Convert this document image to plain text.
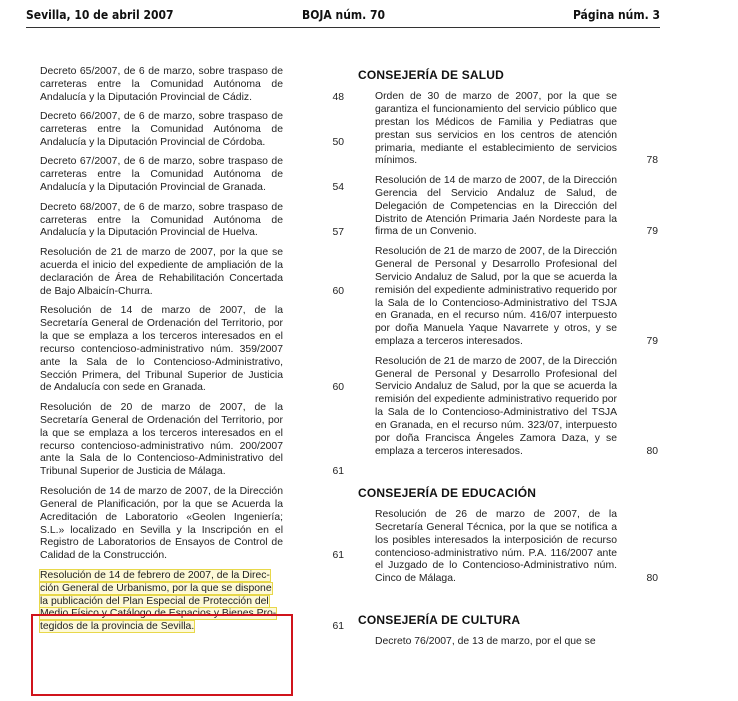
Sevilla, 10 de abril 2007	BOJA núm. 70	Página núm. 3
Decreto 65/2007, de 6 de marzo, sobre traspaso de carreteras entre la Comunidad Autónoma de Andalucía y la Diputación Provincial de Cádiz.	48
Decreto 66/2007, de 6 de marzo, sobre traspaso de carreteras entre la Comunidad Autónoma de Andalucía y la Diputación Provincial de Córdoba.	50
Decreto 67/2007, de 6 de marzo, sobre traspaso de carreteras entre la Comunidad Autónoma de Andalucía y la Diputación Provincial de Granada.	54
Decreto 68/2007, de 6 de marzo, sobre traspaso de carreteras entre la Comunidad Autónoma de Andalucía y la Diputación Provincial de Huelva.	57
Resolución de 21 de marzo de 2007, por la que se acuerda el inicio del expediente de ampliación de la declaración de Área de Rehabilitación Concertada de Bajo Albaicín-Churra.	60
Resolución de 14 de marzo de 2007, de la Secretaría General de Ordenación del Territorio, por la que se emplaza a los terceros interesados en el recurso contencioso-administrativo núm. 359/2007 ante la Sala de lo Contencioso-Administrativo, Sección Primera, del Tribunal Superior de Justicia de Andalucía con sede en Granada.	60
Resolución de 20 de marzo de 2007, de la Secretaría General de Ordenación del Territorio, por la que se emplaza a los terceros interesados en el recurso contencioso-administrativo núm. 200/2007 ante la Sala de lo Contencioso-Administrativo del Tribunal Superior de Justicia de Málaga.	61
Resolución de 14 de marzo de 2007, de la Dirección General de Planificación, por la que se Acuerda la Acreditación de Laboratorio «Geolen Ingeniería; S.L.» localizado en Sevilla y la Inscripción en el Registro de Laboratorios de Ensayos de Control de Calidad de la Construcción.	61
Resolución de 14 de febrero de 2007, de la Direc-
ción General de Urbanismo, por la que se dispone
la publicación del Plan Especial de Protección del
Medio Físico y Catálogo de Espacios y Bienes Pro-
tegidos de la provincia de Sevilla.	61
CONSEJERÍA DE SALUD
Orden de 30 de marzo de 2007, por la que se garantiza el funcionamiento del servicio público que prestan los Médicos de Familia y Pediatras que prestan sus servicios en los centros de atención primaria, mediante el establecimiento de servicios mínimos.	78
Resolución de 14 de marzo de 2007, de la Dirección Gerencia del Servicio Andaluz de Salud, de Delegación de Competencias en la Dirección del Distrito de Atención Primaria Jaén Nordeste para la firma de un Convenio.	79
Resolución de 21 de marzo de 2007, de la Dirección General de Personal y Desarrollo Profesional del Servicio Andaluz de Salud, por la que se acuerda la remisión del expediente administrativo requerido por la Sala de lo Contencioso-Administrativo del TSJA en Granada, en el recurso núm. 416/07 interpuesto por doña Manuela Yaque Navarrete y otros, y se emplaza a terceros interesados.	79
Resolución de 21 de marzo de 2007, de la Dirección General de Personal y Desarrollo Profesional del Servicio Andaluz de Salud, por la que se acuerda la remisión del expediente administrativo requerido por la Sala de lo Contencioso-Administrativo del TSJA en Granada, en el recurso núm. 323/07, interpuesto por doña Francisca Ángeles Zamora Daza, y se emplaza a terceros interesados.	80
CONSEJERÍA DE EDUCACIÓN
Resolución de 26 de marzo de 2007, de la Secretaría General Técnica, por la que se notifica a los posibles interesados la interposición de recurso contencioso-administrativo núm. P.A. 116/2007 ante el Juzgado de lo Contencioso-Administrativo núm. Cinco de Málaga.	80
CONSEJERÍA DE CULTURA
Decreto 76/2007, de 13 de marzo, por el que se
